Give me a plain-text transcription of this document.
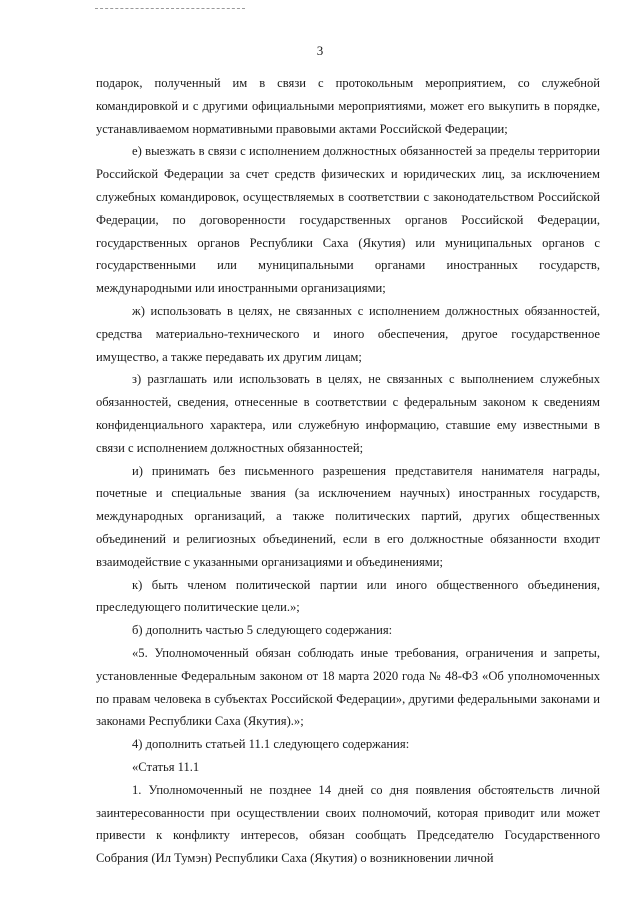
3

подарок, полученный им в связи с протокольным мероприятием, со служебной командировкой и с другими официальными мероприятиями, может его выкупить в порядке, устанавливаемом нормативными правовыми актами Российской Федерации;

е) выезжать в связи с исполнением должностных обязанностей за пределы территории Российской Федерации за счет средств физических и юридических лиц, за исключением служебных командировок, осуществляемых в соответствии с законодательством Российской Федерации, по договоренности государственных органов Российской Федерации, государственных органов Республики Саха (Якутия) или муниципальных органов с государственными или муниципальными органами иностранных государств, международными или иностранными организациями;

ж) использовать в целях, не связанных с исполнением должностных обязанностей, средства материально-технического и иного обеспечения, другое государственное имущество, а также передавать их другим лицам;

з) разглашать или использовать в целях, не связанных с выполнением служебных обязанностей, сведения, отнесенные в соответствии с федеральным законом к сведениям конфиденциального характера, или служебную информацию, ставшие ему известными в связи с исполнением должностных обязанностей;

и) принимать без письменного разрешения представителя нанимателя награды, почетные и специальные звания (за исключением научных) иностранных государств, международных организаций, а также политических партий, других общественных объединений и религиозных объединений, если в его должностные обязанности входит взаимодействие с указанными организациями и объединениями;

к) быть членом политической партии или иного общественного объединения, преследующего политические цели.»;

б) дополнить частью 5 следующего содержания:

«5. Уполномоченный обязан соблюдать иные требования, ограничения и запреты, установленные Федеральным законом от 18 марта 2020 года № 48-ФЗ «Об уполномоченных по правам человека в субъектах Российской Федерации», другими федеральными законами и законами Республики Саха (Якутия).»;

4) дополнить статьей 11.1 следующего содержания:

«Статья 11.1

1. Уполномоченный не позднее 14 дней со дня появления обстоятельств личной заинтересованности при осуществлении своих полномочий, которая приводит или может привести к конфликту интересов, обязан сообщать Председателю Государственного Собрания (Ил Тумэн) Республики Саха (Якутия) о возникновении личной
